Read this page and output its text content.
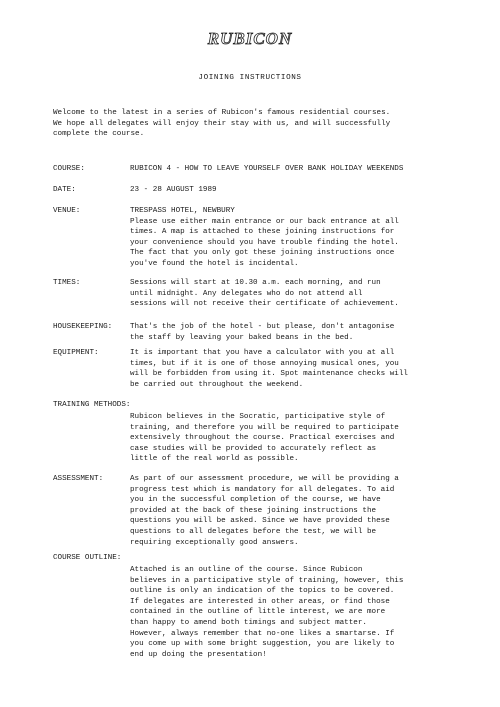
RUBICON
JOINING INSTRUCTIONS
Welcome to the latest in a series of Rubicon's famous residential courses.
We hope all delegates will enjoy their stay with us, and will successfully
complete the course.
COURSE:	RUBICON 4 - HOW TO LEAVE YOURSELF OVER BANK HOLIDAY WEEKENDS
DATE:	23 - 28 AUGUST 1989
VENUE:	TRESPASS HOTEL, NEWBURY
Please use either main entrance or our back entrance at all
times. A map is attached to these joining instructions for
your convenience should you have trouble finding the hotel.
The fact that you only got these joining instructions once
you've found the hotel is incidental.
TIMES:	Sessions will start at 10.30 a.m. each morning, and run
until midnight. Any delegates who do not attend all
sessions will not receive their certificate of achievement.
HOUSEKEEPING: That's the job of the hotel - but please, don't antagonise
the staff by leaving your baked beans in the bed.
EQUIPMENT:	It is important that you have a calculator with you at all
times, but if it is one of those annoying musical ones, you
will be forbidden from using it. Spot maintenance checks will
be carried out throughout the weekend.
TRAINING METHODS:
Rubicon believes in the Socratic, participative style of
training, and therefore you will be required to participate
extensively throughout the course. Practical exercises and
case studies will be provided to accurately reflect as
little of the real world as possible.
ASSESSMENT:	As part of our assessment procedure, we will be providing a
progress test which is mandatory for all delegates. To aid
you in the successful completion of the course, we have
provided at the back of these joining instructions the
questions you will be asked. Since we have provided these
questions to all delegates before the test, we will be
requiring exceptionally good answers.
COURSE OUTLINE:
Attached is an outline of the course. Since Rubicon
believes in a participative style of training, however, this
outline is only an indication of the topics to be covered.
If delegates are interested in other areas, or find those
contained in the outline of little interest, we are more
than happy to amend both timings and subject matter.
However, always remember that no-one likes a smartarse. If
you come up with some bright suggestion, you are likely to
end up doing the presentation!
